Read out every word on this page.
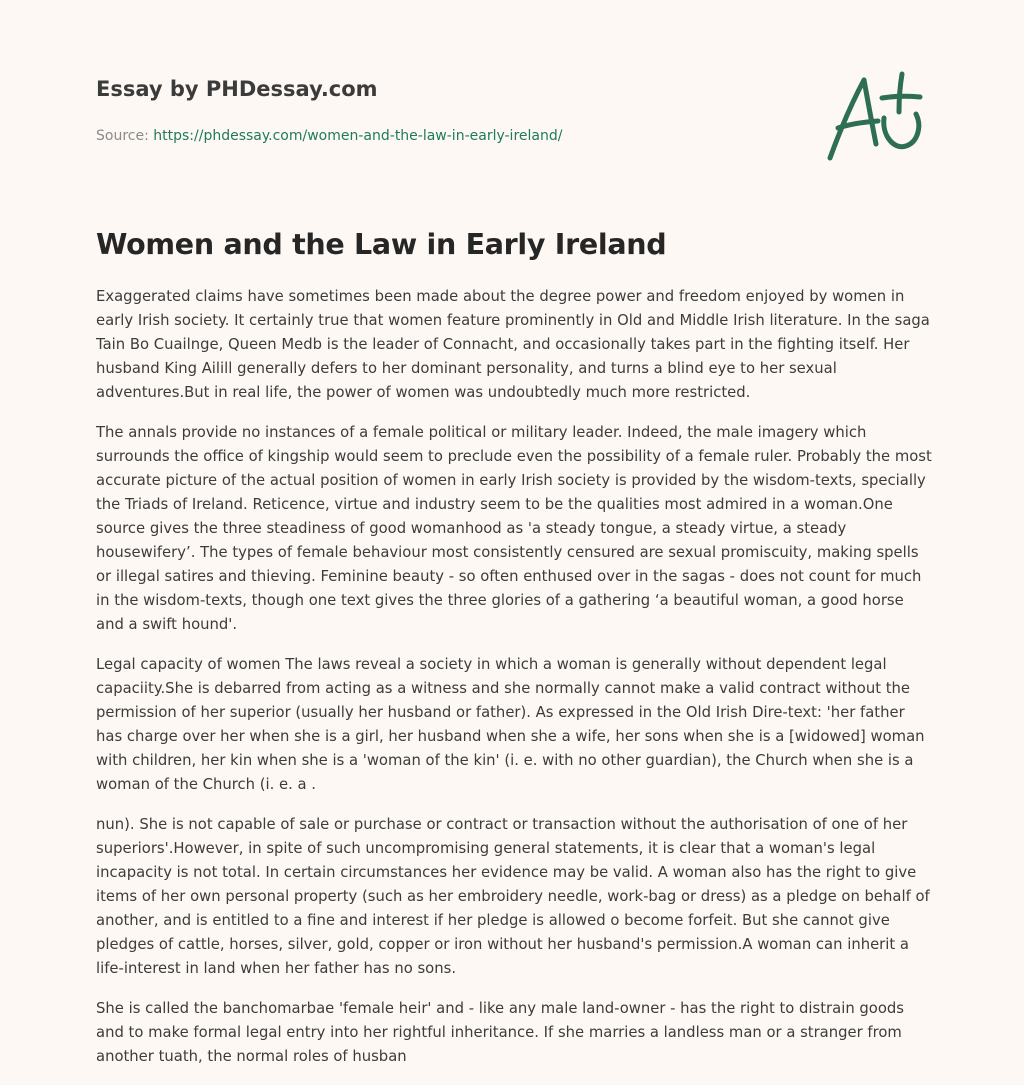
Essay by PHDessay.com
Source: https://phdessay.com/women-and-the-law-in-early-ireland/
Women and the Law in Early Ireland

Exaggerated claims have sometimes been made about the degree power and freedom enjoyed by women in early Irish society. It certainly true that women feature prominently in Old and Middle Irish literature. In the saga Tain Bo Cuailnge, Queen Medb is the leader of Connacht, and occasionally takes part in the fighting itself. Her husband King Ailill generally defers to her dominant personality, and turns a blind eye to her sexual adventures.But in real life, the power of women was undoubtedly much more restricted.

The annals provide no instances of a female political or military leader. Indeed, the male imagery which surrounds the office of kingship would seem to preclude even the possibility of a female ruler. Probably the most accurate picture of the actual position of women in early Irish society is provided by the wisdom-texts, specially the Triads of Ireland. Reticence, virtue and industry seem to be the qualities most admired in a woman.One source gives the three steadiness of good womanhood as 'a steady tongue, a steady virtue, a steady housewifery’. The types of female behaviour most consistently censured are sexual promiscuity, making spells or illegal satires and thieving. Feminine beauty - so often enthused over in the sagas - does not count for much in the wisdom-texts, though one text gives the three glories of a gathering ‘a beautiful woman, a good horse and a swift hound'.

Legal capacity of women The laws reveal a society in which a woman is generally without dependent legal capaciity.She is debarred from acting as a witness and she normally cannot make a valid contract without the permission of her superior (usually her husband or father). As expressed in the Old Irish Dire-text: 'her father has charge over her when she is a girl, her husband when she a wife, her sons when she is a [widowed] woman with children, her kin when she is a 'woman of the kin' (i. e. with no other guardian), the Church when she is a woman of the Church (i. e. a .

nun). She is not capable of sale or purchase or contract or transaction without the authorisation of one of her superiors'.However, in spite of such uncompromising general statements, it is clear that a woman's legal incapacity is not total. In certain circumstances her evidence may be valid. A woman also has the right to give items of her own personal property (such as her embroidery needle, work-bag or dress) as a pledge on behalf of another, and is entitled to a fine and interest if her pledge is allowed o become forfeit. But she cannot give pledges of cattle, horses, silver, gold, copper or iron without her husband's permission.A woman can inherit a life-interest in land when her father has no sons.

She is called the banchomarbae 'female heir' and - like any male land-owner - has the right to distrain goods and to make formal legal entry into her rightful inheritance. If she marries a landless man or a stranger from another tuath, the normal roles of husban
